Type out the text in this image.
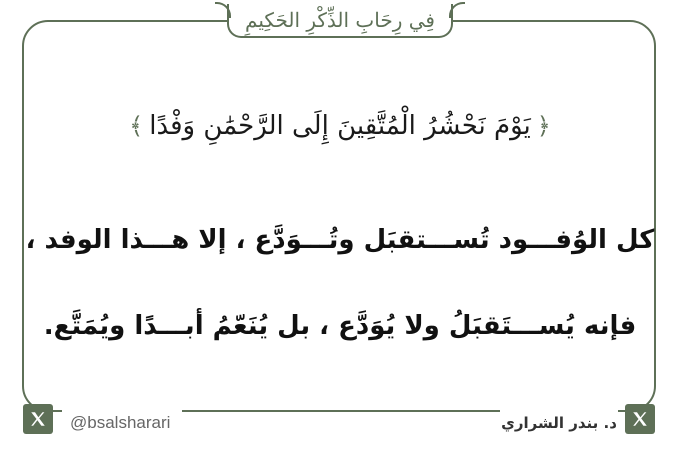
فِي رِحَابِ الذِّكْرِ الحَكِيمِ
﴿
يَوْمَ نَحْشُرُ الْمُتَّقِينَ إِلَى الرَّحْمَٰنِ وَفْدًا
﴾
كل الوُفـــود تُســـتقبَل وتُـــوَدَّع ، إلا هـــذا الوفد ،
فإنه يُســـتَقبَلُ ولا يُوَدَّع ، بل يُنَعّمُ أبـــدًا ويُمَتَّع.
@bsalsharari	د. بندر الشراري
